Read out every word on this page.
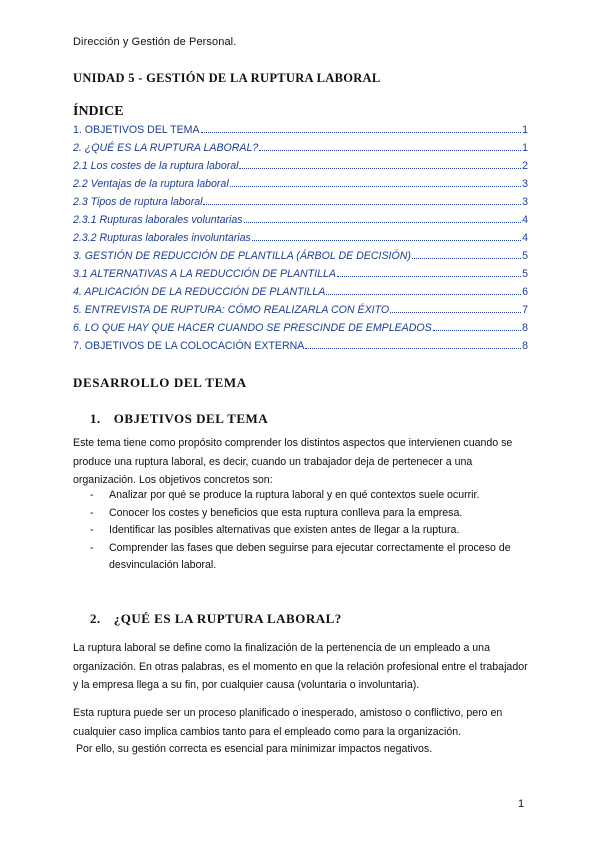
Dirección y Gestión de Personal.
UNIDAD 5 - GESTIÓN DE LA RUPTURA LABORAL
ÍNDICE
1. OBJETIVOS DEL TEMA	1
2. ¿QUÉ ES LA RUPTURA LABORAL?	1
2.1 Los costes de la ruptura laboral	2
2.2 Ventajas de la ruptura laboral	3
2.3 Tipos de ruptura laboral	3
2.3.1 Rupturas laborales voluntarias	4
2.3.2 Rupturas laborales involuntarias	4
3. GESTIÓN DE REDUCCIÓN DE PLANTILLA (ÁRBOL DE DECISIÓN)	5
3.1 ALTERNATIVAS A LA REDUCCIÓN DE PLANTILLA	5
4. APLICACIÓN DE LA REDUCCIÓN DE PLANTILLA	6
5. ENTREVISTA DE RUPTURA: CÓMO REALIZARLA CON ÉXITO	7
6. LO QUE HAY QUE HACER CUANDO SE PRESCINDE DE EMPLEADOS	8
7. OBJETIVOS DE LA COLOCACIÓN EXTERNA	8
DESARROLLO DEL TEMA
1. OBJETIVOS DEL TEMA
Este tema tiene como propósito comprender los distintos aspectos que intervienen cuando se produce una ruptura laboral, es decir, cuando un trabajador deja de pertenecer a una organización. Los objetivos concretos son:
- Analizar por qué se produce la ruptura laboral y en qué contextos suele ocurrir.
- Conocer los costes y beneficios que esta ruptura conlleva para la empresa.
- Identificar las posibles alternativas que existen antes de llegar a la ruptura.
- Comprender las fases que deben seguirse para ejecutar correctamente el proceso de desvinculación laboral.
2. ¿QUÉ ES LA RUPTURA LABORAL?
La ruptura laboral se define como la finalización de la pertenencia de un empleado a una organización. En otras palabras, es el momento en que la relación profesional entre el trabajador y la empresa llega a su fin, por cualquier causa (voluntaria o involuntaria).
Esta ruptura puede ser un proceso planificado o inesperado, amistoso o conflictivo, pero en cualquier caso implica cambios tanto para el empleado como para la organización.
Por ello, su gestión correcta es esencial para minimizar impactos negativos.
1
